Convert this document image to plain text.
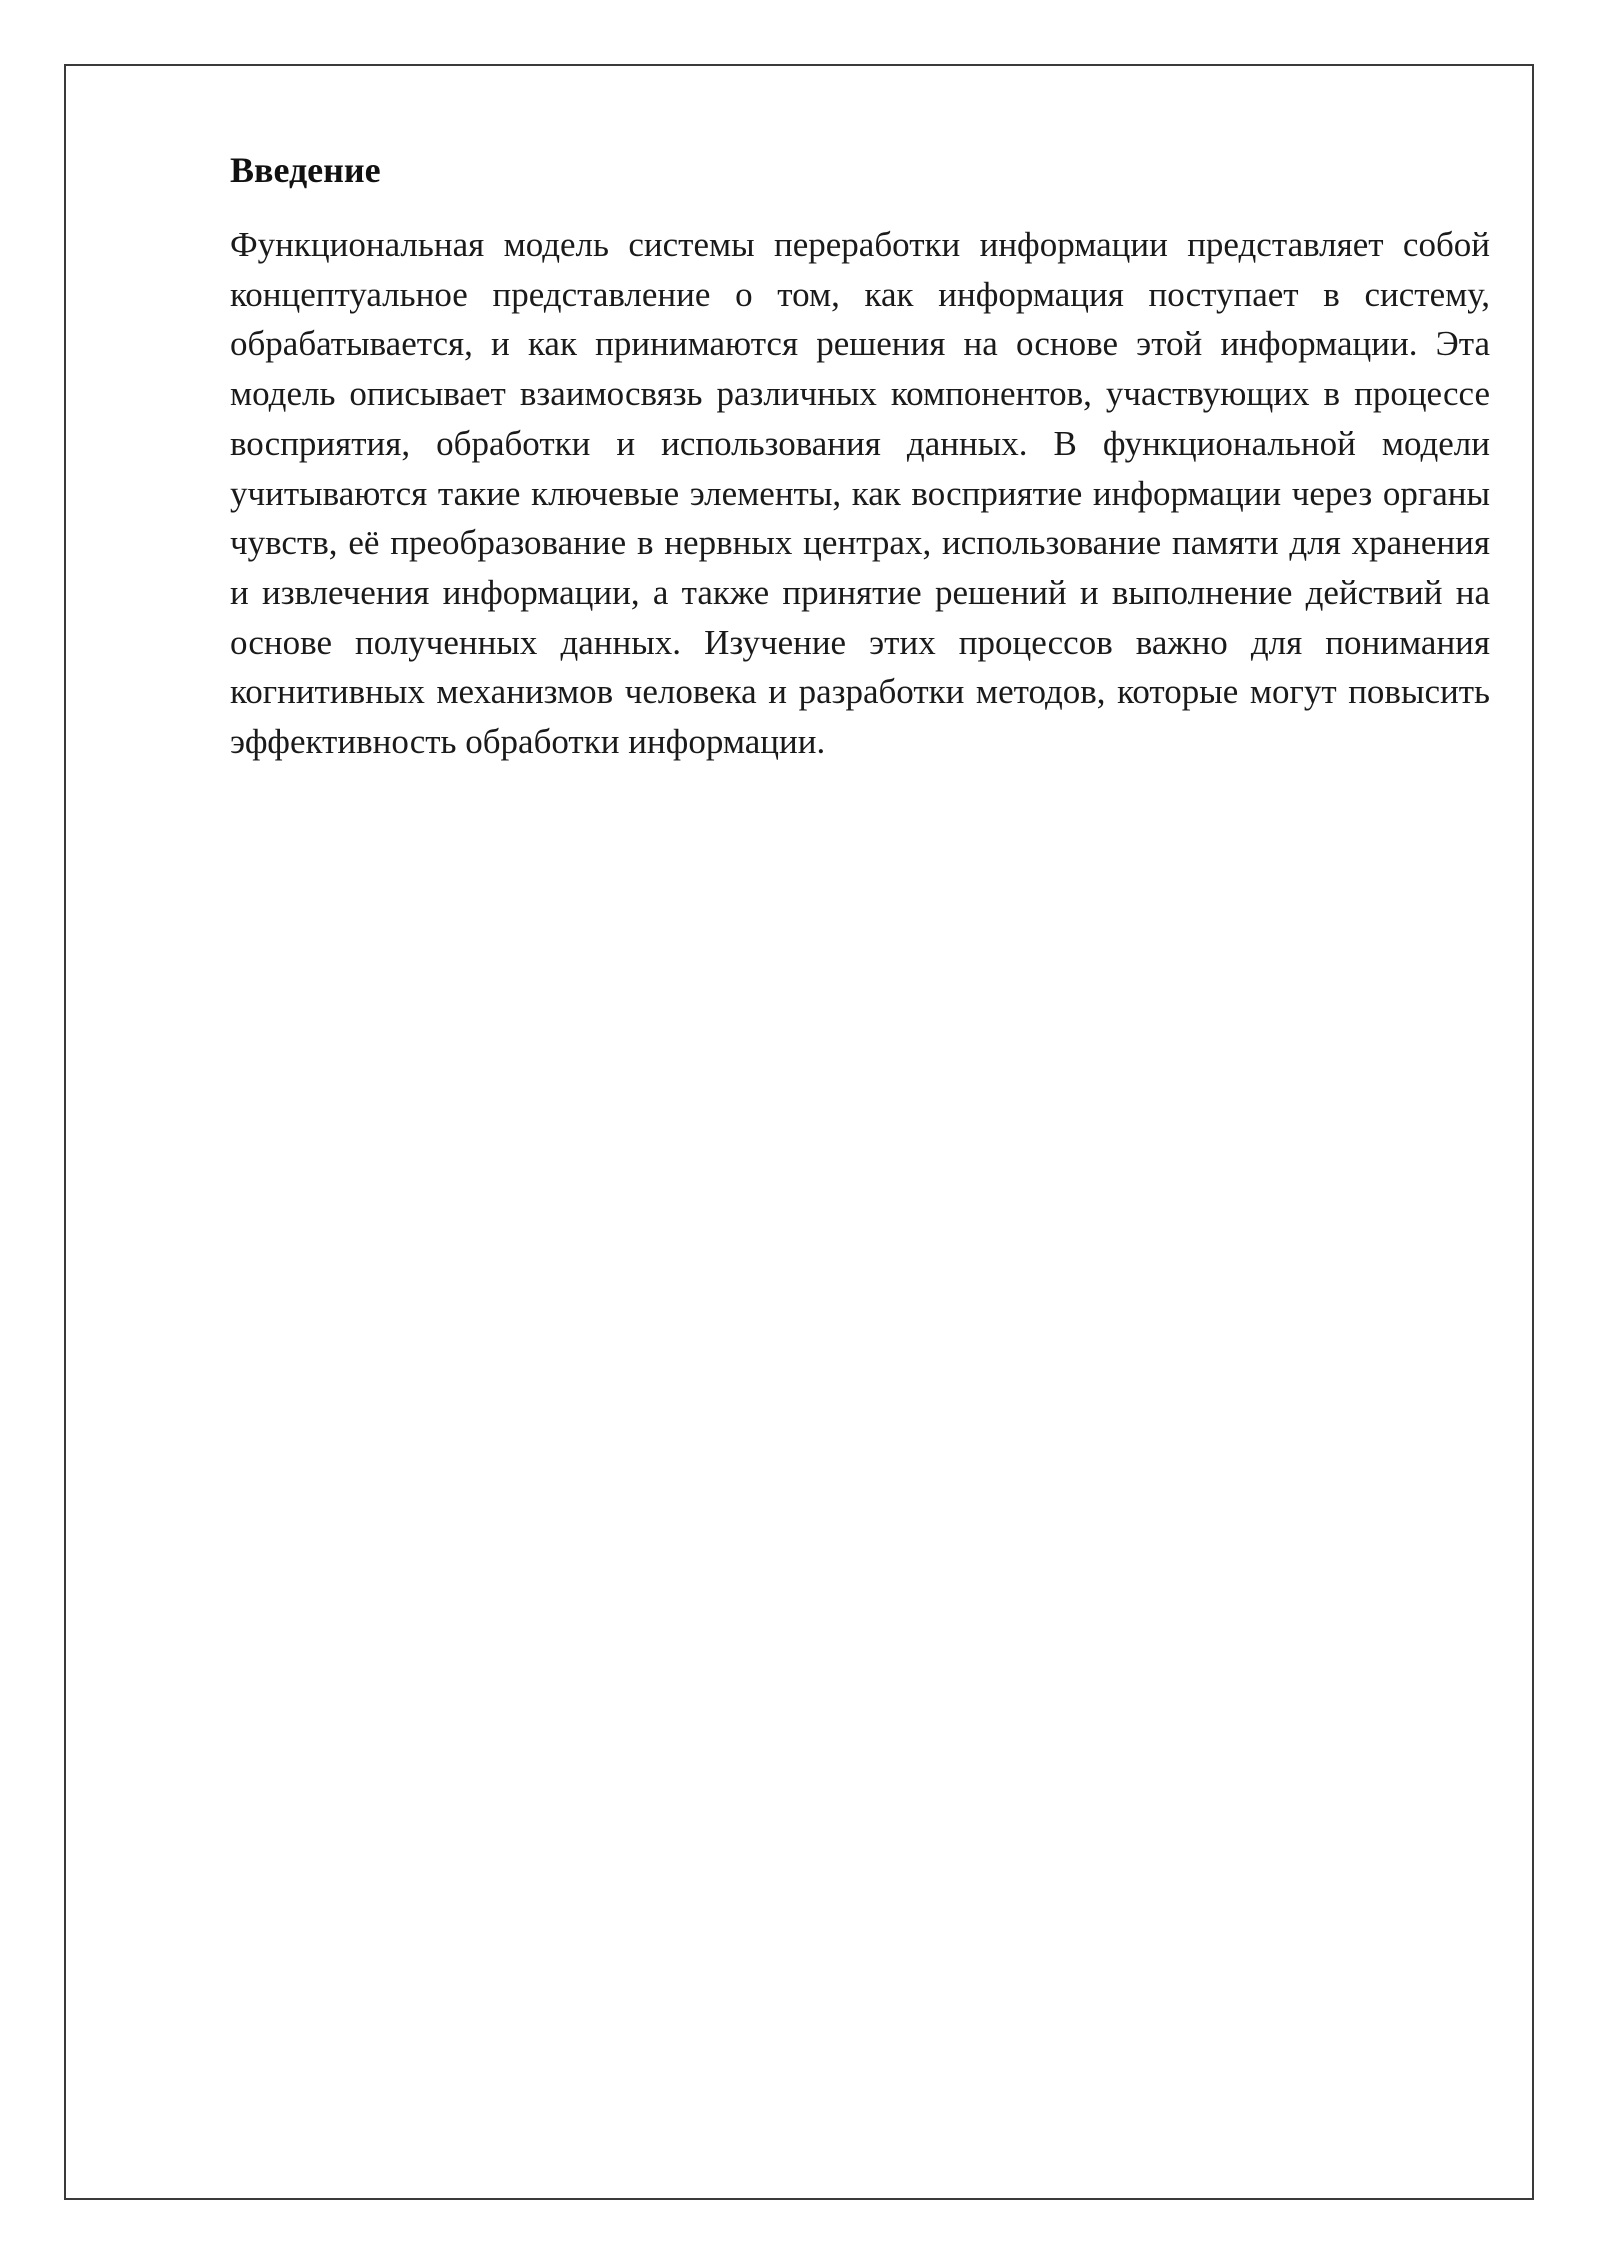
Введение

Функциональная модель системы переработки информации представляет собой концептуальное представление о том, как информация поступает в систему, обрабатывается, и как принимаются решения на основе этой информации. Эта модель описывает взаимосвязь различных компонентов, участвующих в процессе восприятия, обработки и использования данных. В функциональной модели учитываются такие ключевые элементы, как восприятие информации через органы чувств, её преобразование в нервных центрах, использование памяти для хранения и извлечения информации, а также принятие решений и выполнение действий на основе полученных данных. Изучение этих процессов важно для понимания когнитивных механизмов человека и разработки методов, которые могут повысить эффективность обработки информации.
